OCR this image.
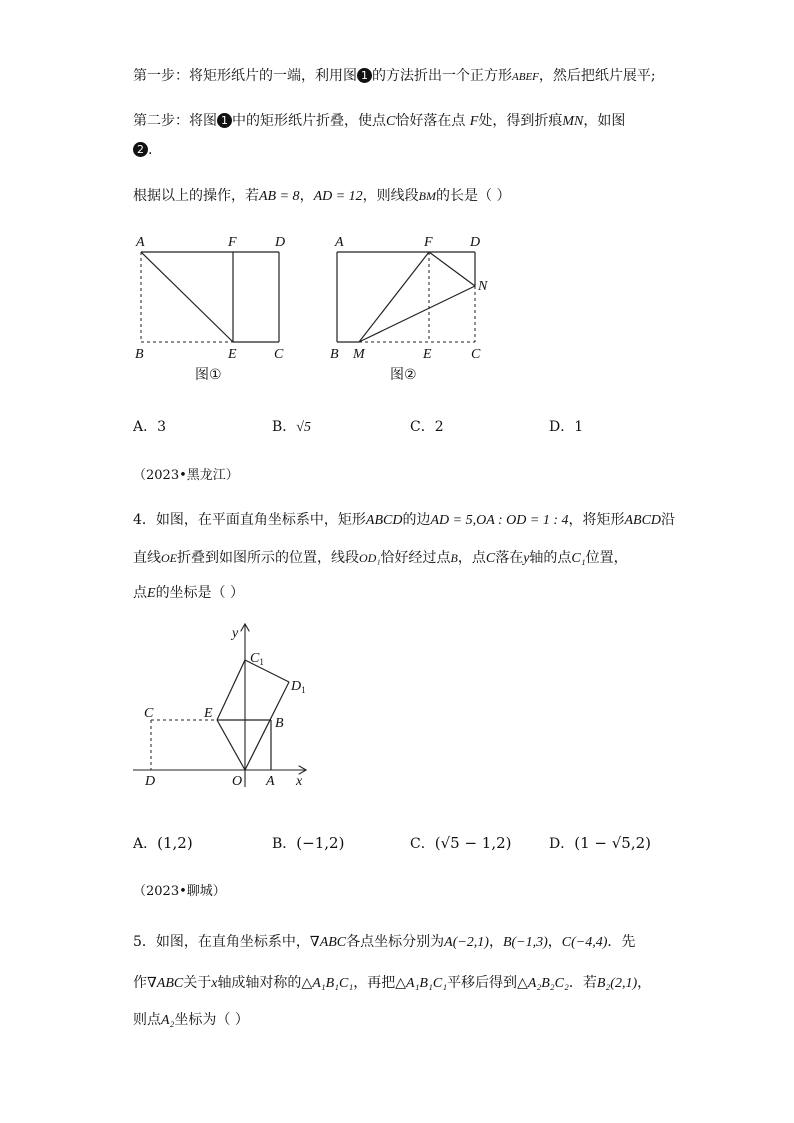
第一步：将矩形纸片的一端，利用图 1 的方法折出一个正方形ABEF，然后把纸片展平;
第二步：将图 1 中的矩形纸片折叠，使点C恰好落在点 F处，得到折痕MN，如图
2 .
根据以上的操作，若AB = 8，AD = 12，则线段BM的长是（ ）
A	F	D
B	E	C
图①
A	F	D
N
B M	E	C
图②
A．3	B．√5	C．2	D．1
（2023•黑龙江）
4．如图，在平面直角坐标系中，矩形ABCD的边AD = 5,OA : OD = 1 : 4，将矩形ABCD沿
直线OE折叠到如图所示的位置，线段OD₁恰好经过点B，点C落在y轴的点C₁位置，
点E的坐标是（ ）
y
x
$C_1$
$D_1$
C	E
B
D	O A
A．(1,2)	B．(−1,2)	C．(√5 − 1,2)	D．(1 − √5,2)
（2023•聊城）
5．如图，在直角坐标系中，∇ABC各点坐标分别为A(−2,1)，B(−1,3)，C(−4,4)．先
作∇ABC关于x轴成轴对称的△A₁B₁C₁，再把△A₁B₁C₁平移后得到△A₂B₂C₂．若B₂(2,1)，
则点A₂坐标为（ ）
